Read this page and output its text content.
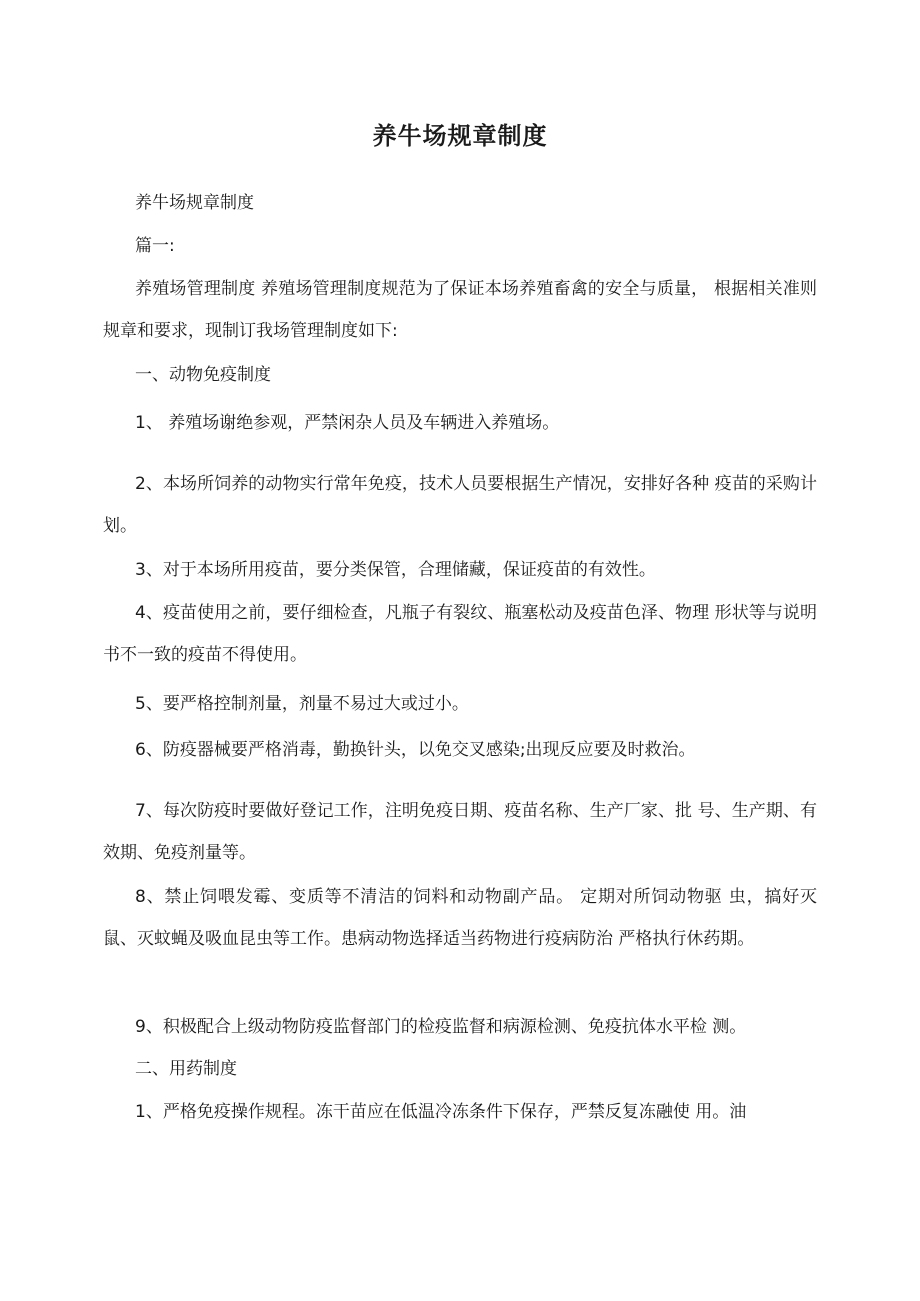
养牛场规章制度

养牛场规章制度

篇一:

养殖场管理制度 养殖场管理制度规范为了保证本场养殖畜禽的安全与质量， 根据相关准则规章和要求，现制订我场管理制度如下:

一、动物免疫制度

1、 养殖场谢绝参观，严禁闲杂人员及车辆进入养殖场。

2、本场所饲养的动物实行常年免疫，技术人员要根据生产情况，安排好各种 疫苗的采购计划。

3、对于本场所用疫苗，要分类保管，合理储藏，保证疫苗的有效性。

4、疫苗使用之前，要仔细检查，凡瓶子有裂纹、瓶塞松动及疫苗色泽、物理 形状等与说明书不一致的疫苗不得使用。

5、要严格控制剂量，剂量不易过大或过小。

6、防疫器械要严格消毒，勤换针头，以免交叉感染;出现反应要及时救治。

7、每次防疫时要做好登记工作，注明免疫日期、疫苗名称、生产厂家、批 号、生产期、有效期、免疫剂量等。

8、禁止饲喂发霉、变质等不清洁的饲料和动物副产品。 定期对所饲动物驱 虫，搞好灭鼠、灭蚊蝇及吸血昆虫等工作。患病动物选择适当药物进行疫病防治 严格执行休药期。

9、积极配合上级动物防疫监督部门的检疫监督和病源检测、免疫抗体水平检 测。

二、用药制度

1、严格免疫操作规程。冻干苗应在低温冷冻条件下保存，严禁反复冻融使 用。油
